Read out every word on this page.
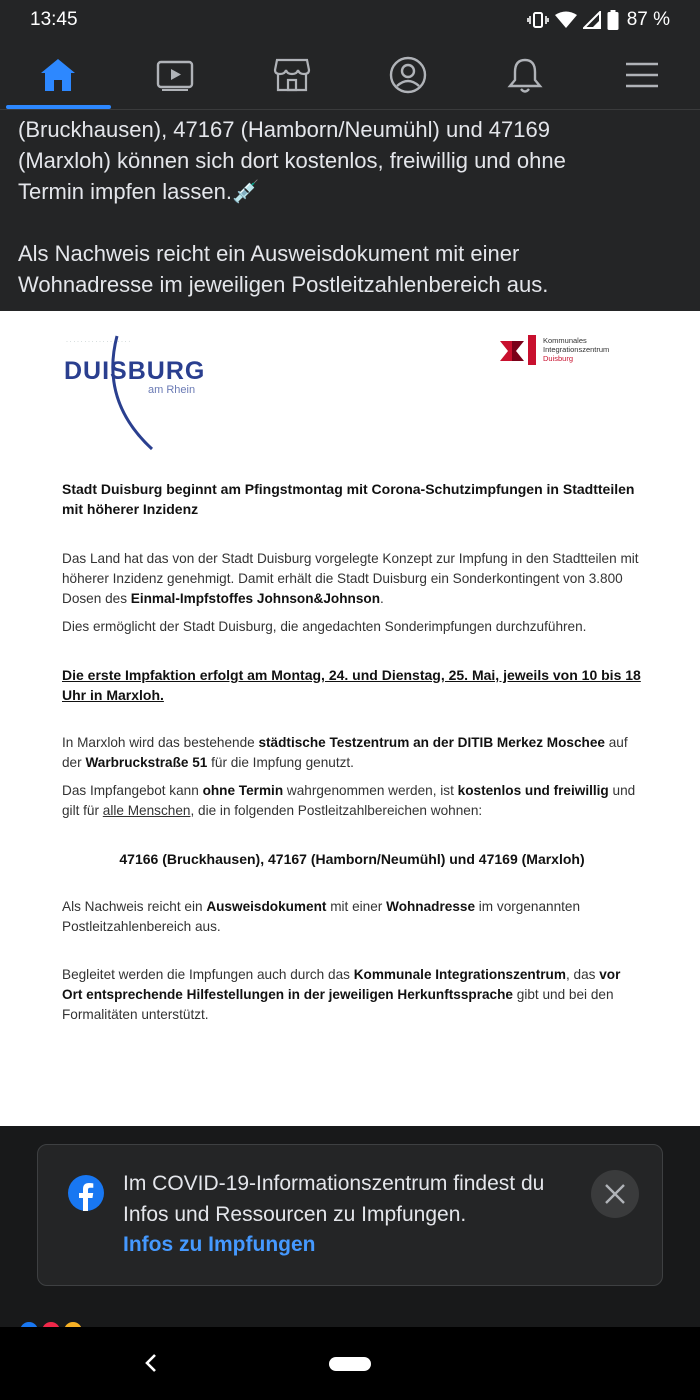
13:45	87 %

(Bruckhausen), 47167 (Hamborn/Neumühl) und 47169

(Marxloh) können sich dort kostenlos, freiwillig und ohne

Termin impfen lassen.💉

Als Nachweis reicht ein Ausweisdokument mit einer

Wohnadresse im jeweiligen Postleitzahlenbereich aus.

· · · · · · · · · · · · · · · · · ·
DUISBURG
am Rhein
Kommunales
Integrationszentrum
Duisburg

Stadt Duisburg beginnt am Pfingstmontag mit Corona-Schutzimpfungen in Stadtteilen mit höherer Inzidenz

Das Land hat das von der Stadt Duisburg vorgelegte Konzept zur Impfung in den Stadtteilen mit höherer Inzidenz genehmigt. Damit erhält die Stadt Duisburg ein Sonderkontingent von 3.800 Dosen des Einmal-Impfstoffes Johnson&Johnson.

Dies ermöglicht der Stadt Duisburg, die angedachten Sonderimpfungen durchzuführen.

Die erste Impfaktion erfolgt am Montag, 24. und Dienstag, 25. Mai, jeweils von 10 bis 18 Uhr in Marxloh.

In Marxloh wird das bestehende städtische Testzentrum an der DITIB Merkez Moschee auf der Warbruckstraße 51 für die Impfung genutzt.

Das Impfangebot kann ohne Termin wahrgenommen werden, ist kostenlos und freiwillig und gilt für alle Menschen, die in folgenden Postleitzahlbereichen wohnen:

47166 (Bruckhausen), 47167 (Hamborn/Neumühl) und 47169 (Marxloh)

Als Nachweis reicht ein Ausweisdokument mit einer Wohnadresse im vorgenannten Postleitzahlenbereich aus.

Begleitet werden die Impfungen auch durch das Kommunale Integrationszentrum, das vor Ort entsprechende Hilfestellungen in der jeweiligen Herkunftssprache gibt und bei den Formalitäten unterstützt.

Im COVID-19-Informationszentrum findest du Infos und Ressourcen zu Impfungen.
Infos zu Impfungen
